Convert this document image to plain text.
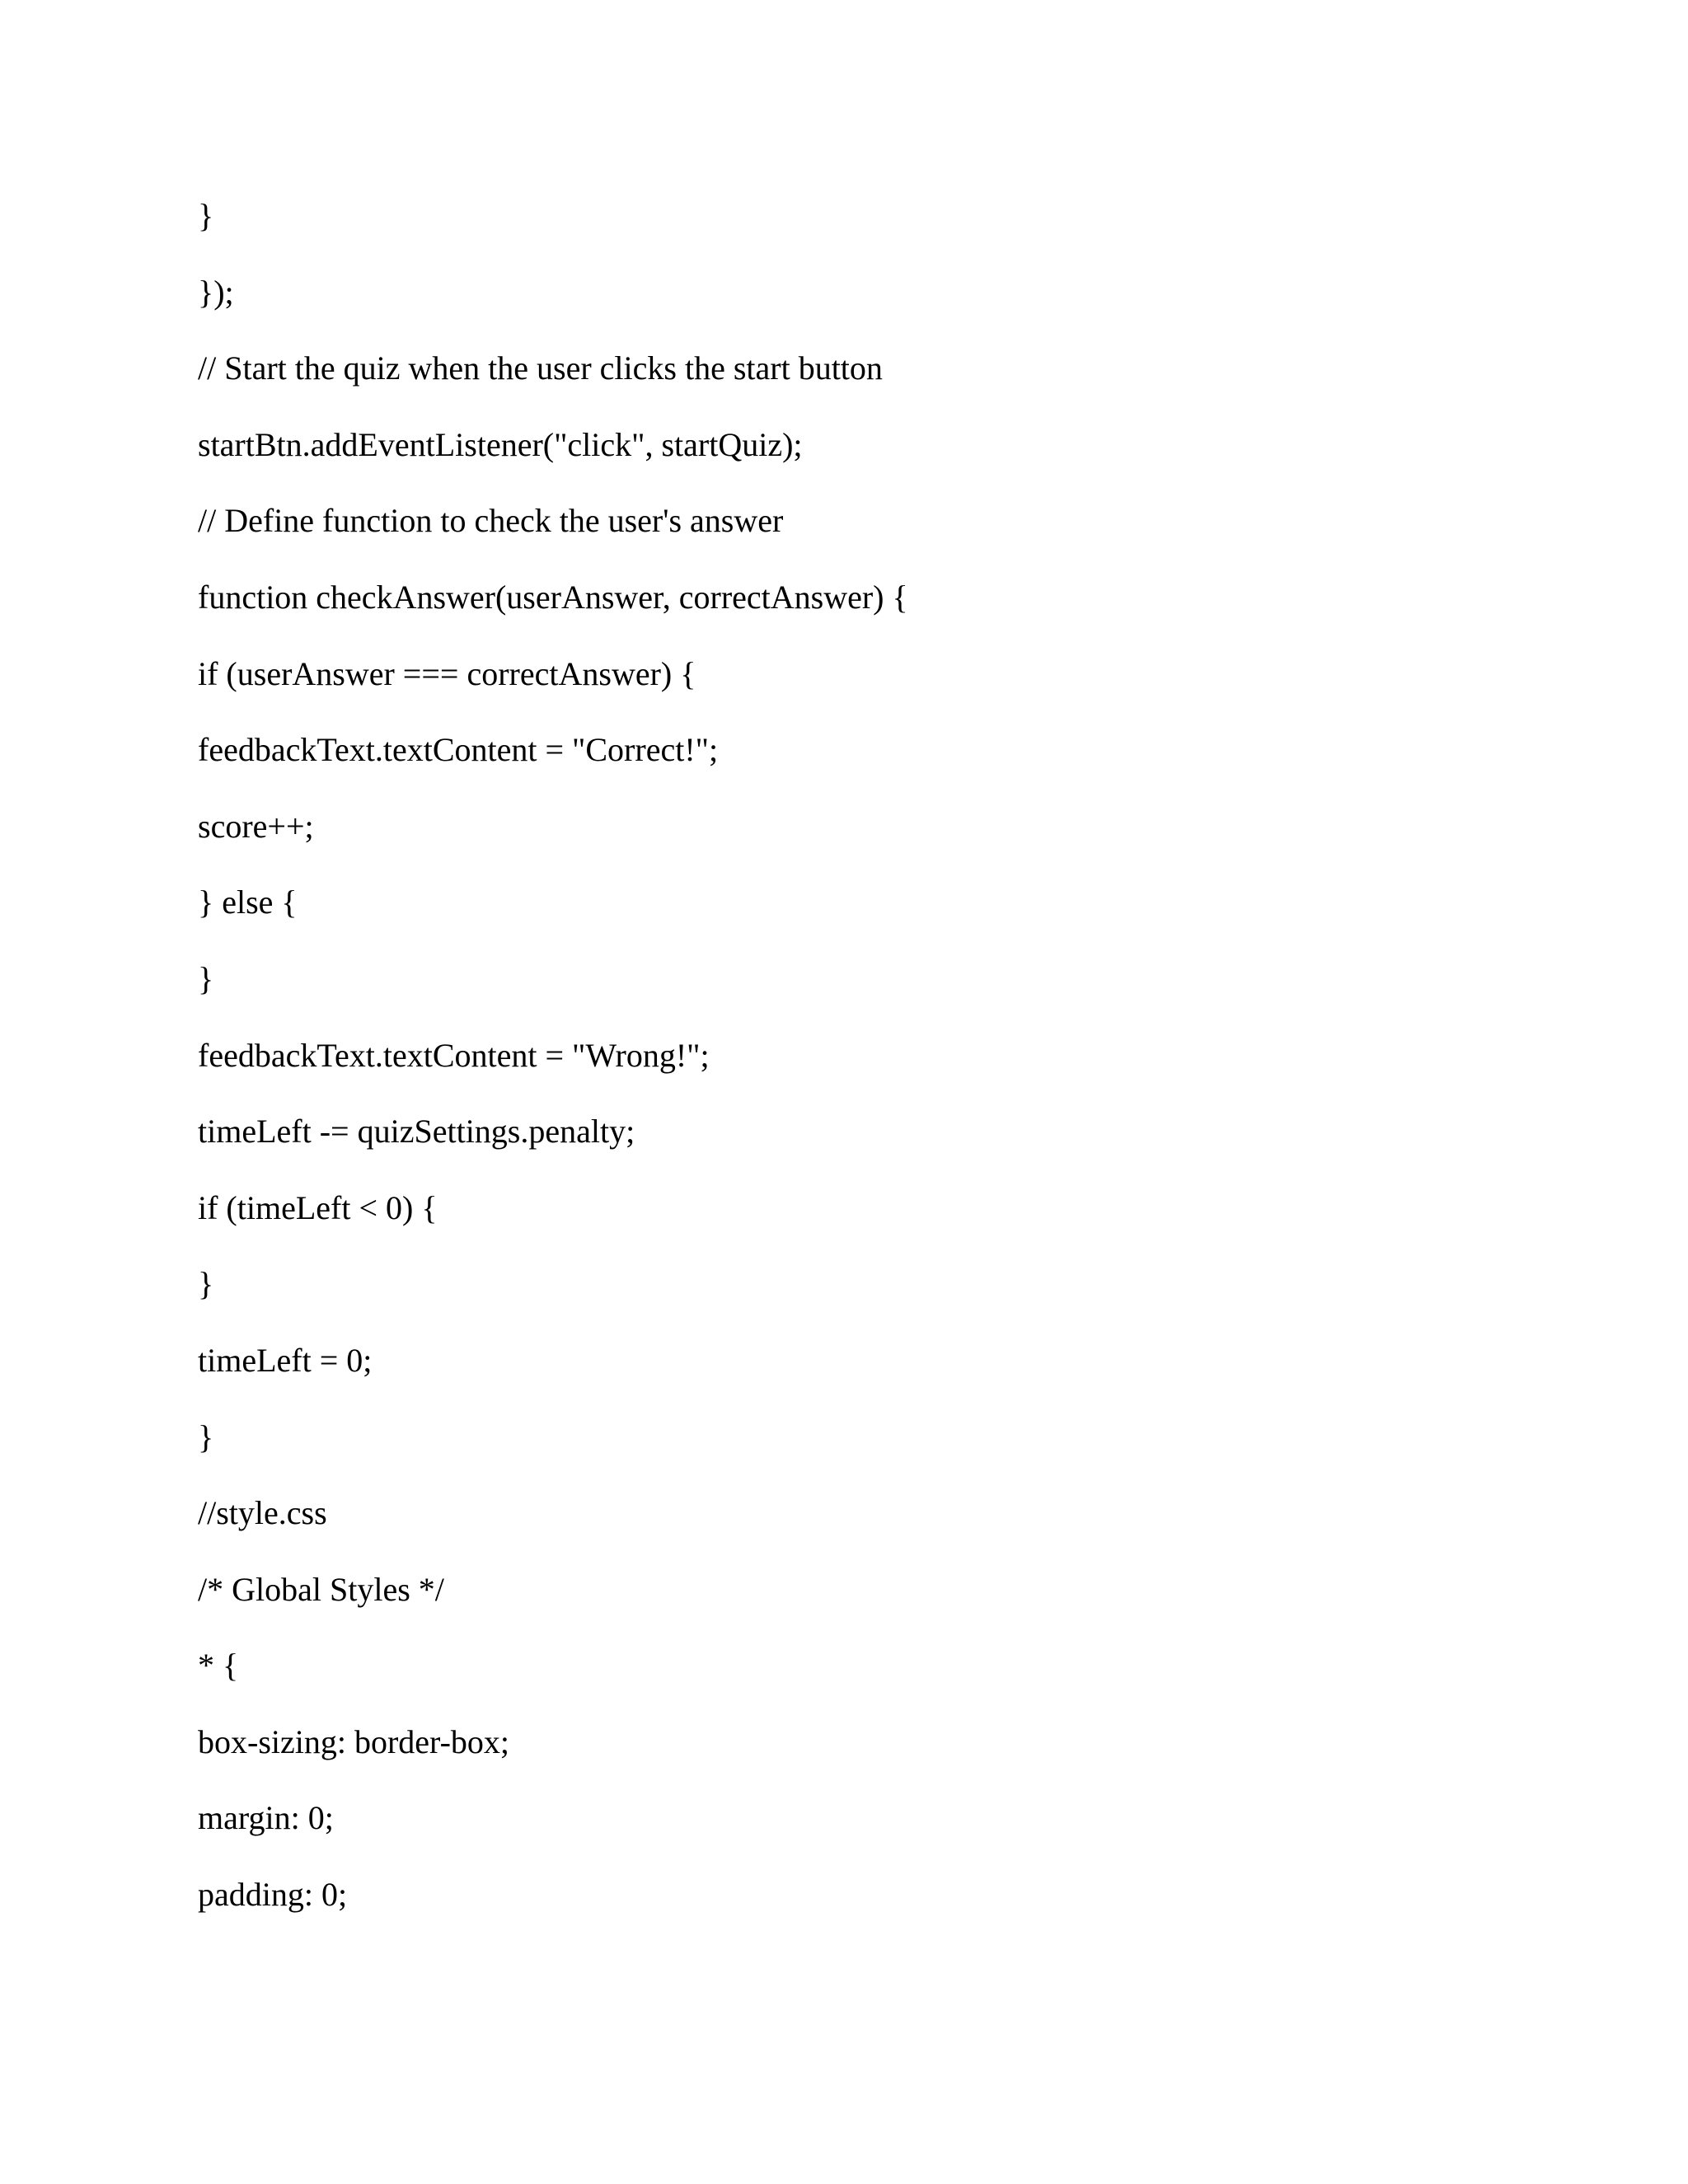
}
});
// Start the quiz when the user clicks the start button
startBtn.addEventListener("click", startQuiz);
// Define function to check the user's answer
function checkAnswer(userAnswer, correctAnswer) {
if (userAnswer === correctAnswer) {
feedbackText.textContent = "Correct!";
score++;
} else {
}
feedbackText.textContent = "Wrong!";
timeLeft -= quizSettings.penalty;
if (timeLeft < 0) {
}
timeLeft = 0;
}
//style.css
/* Global Styles */
* {
box-sizing: border-box;
margin: 0;
padding: 0;
